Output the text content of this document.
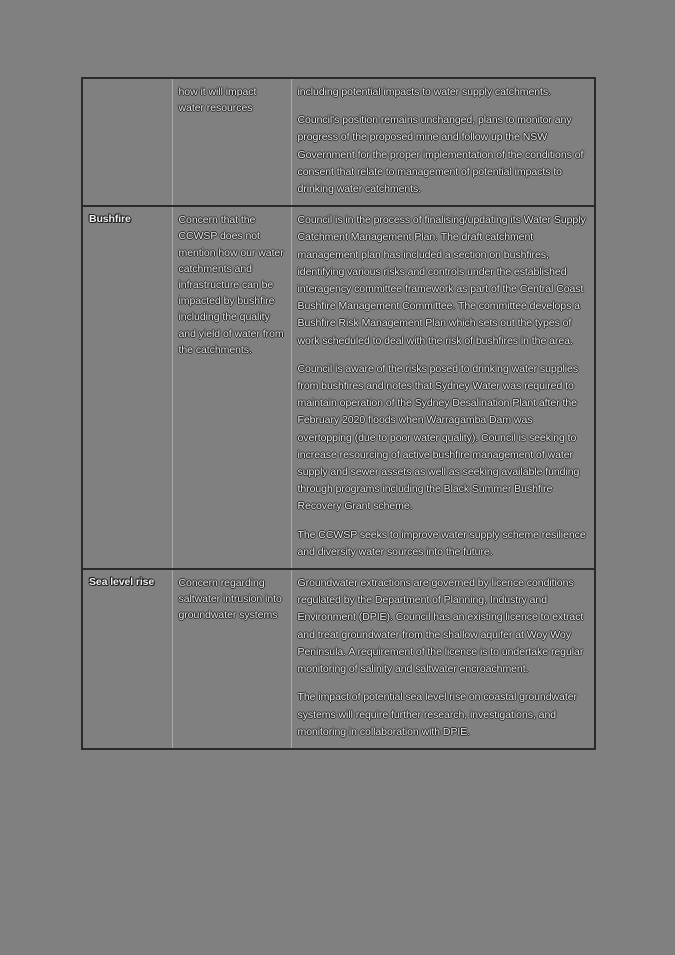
	how it will impact water resources	including potential impacts to water supply catchments.

Council's position remains unchanged, plans to monitor any progress of the proposed mine and follow up the NSW Government for the proper implementation of the conditions of consent that relate to management of potential impacts to drinking water catchments.

Bushfire	Concern that the CCWSP does not mention how our water catchments and infrastructure can be impacted by bushfire including the quality and yield of water from the catchments.	Council is in the process of finalising/updating its Water Supply Catchment Management Plan. The draft catchment management plan has included a section on bushfires, identifying various risks and controls under the established interagency committee framework as part of the Central Coast Bushfire Management Committee. The committee develops a Bushfire Risk Management Plan which sets out the types of work scheduled to deal with the risk of bushfires in the area.

Council is aware of the risks posed to drinking water supplies from bushfires and notes that Sydney Water was required to maintain operation of the Sydney Desalination Plant after the February 2020 floods when Warragamba Dam was overtopping (due to poor water quality). Council is seeking to increase resourcing of active bushfire management of water supply and sewer assets as well as seeking available funding through programs including the Black Summer Bushfire Recovery Grant scheme.

The CCWSP seeks to improve water supply scheme resilience and diversity water sources into the future.

Sea level rise	Concern regarding saltwater intrusion into groundwater systems	Groundwater extractions are governed by licence conditions regulated by the Department of Planning, Industry and Environment (DPIE). Council has an existing licence to extract and treat groundwater from the shallow aquifer at Woy Woy Peninsula. A requirement of the licence is to undertake regular monitoring of salinity and saltwater encroachment.

The impact of potential sea level rise on coastal groundwater systems will require further research, investigations, and monitoring in collaboration with DPIE.
